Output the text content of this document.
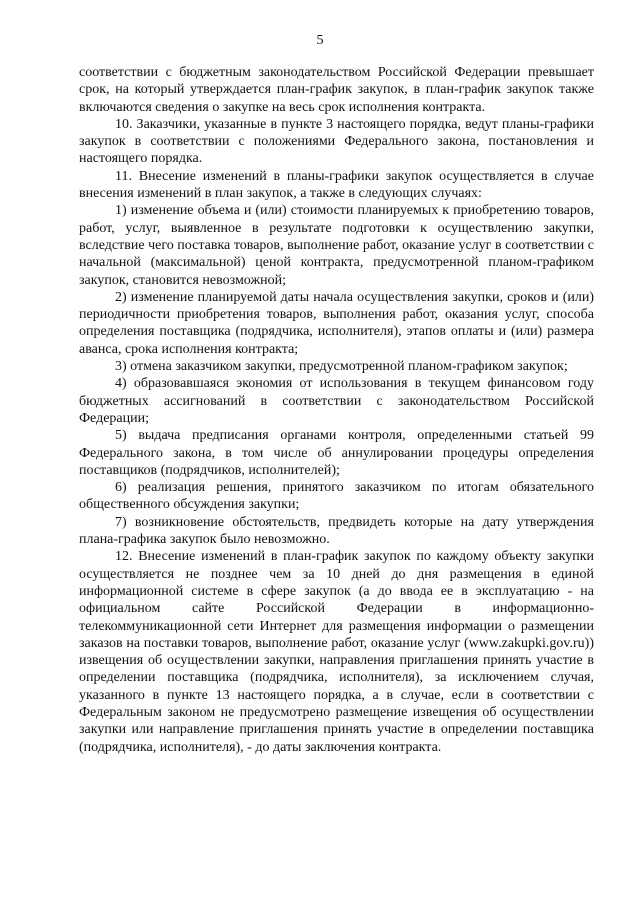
5

соответствии с бюджетным законодательством Российской Федерации превышает срок, на который утверждается план-график закупок, в план-график закупок также включаются сведения о закупке на весь срок исполнения контракта.

10. Заказчики, указанные в пункте 3 настоящего порядка, ведут планы-графики закупок в соответствии с положениями Федерального закона, постановления и настоящего порядка.

11. Внесение изменений в планы-графики закупок осуществляется в случае внесения изменений в план закупок, а также в следующих случаях:

1) изменение объема и (или) стоимости планируемых к приобретению товаров, работ, услуг, выявленное в результате подготовки к осуществлению закупки, вследствие чего поставка товаров, выполнение работ, оказание услуг в соответствии с начальной (максимальной) ценой контракта, предусмотренной планом-графиком закупок, становится невозможной;

2) изменение планируемой даты начала осуществления закупки, сроков и (или) периодичности приобретения товаров, выполнения работ, оказания услуг, способа определения поставщика (подрядчика, исполнителя), этапов оплаты и (или) размера аванса, срока исполнения контракта;

3) отмена заказчиком закупки, предусмотренной планом-графиком закупок;

4) образовавшаяся экономия от использования в текущем финансовом году бюджетных ассигнований в соответствии с законодательством Российской Федерации;

5) выдача предписания органами контроля, определенными статьей 99 Федерального закона, в том числе об аннулировании процедуры определения поставщиков (подрядчиков, исполнителей);

6) реализация решения, принятого заказчиком по итогам обязательного общественного обсуждения закупки;

7) возникновение обстоятельств, предвидеть которые на дату утверждения плана-графика закупок было невозможно.

12. Внесение изменений в план-график закупок по каждому объекту закупки осуществляется не позднее чем за 10 дней до дня размещения в единой информационной системе в сфере закупок (а до ввода ее в эксплуатацию - на официальном сайте Российской Федерации в информационно-телекоммуникационной сети Интернет для размещения информации о размещении заказов на поставки товаров, выполнение работ, оказание услуг (www.zakupki.gov.ru)) извещения об осуществлении закупки, направления приглашения принять участие в определении поставщика (подрядчика, исполнителя), за исключением случая, указанного в пункте 13 настоящего порядка, а в случае, если в соответствии с Федеральным законом не предусмотрено размещение извещения об осуществлении закупки или направление приглашения принять участие в определении поставщика (подрядчика, исполнителя), - до даты заключения контракта.
